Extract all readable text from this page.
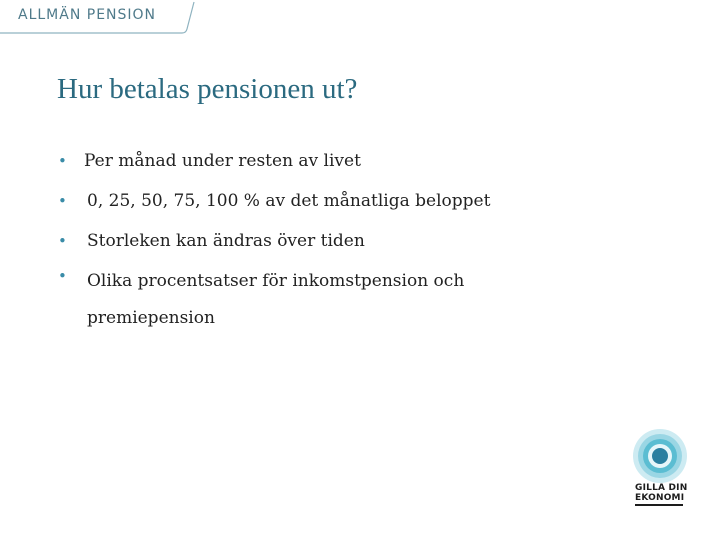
ALLMÄN PENSION
Hur betalas pensionen ut?
•	Per månad under resten av livet
•	0, 25, 50, 75, 100 % av det månatliga beloppet
•	Storleken kan ändras över tiden
•	Olika procentsatser för inkomstpension och premiepension
GILLA DIN
EKONOMI
